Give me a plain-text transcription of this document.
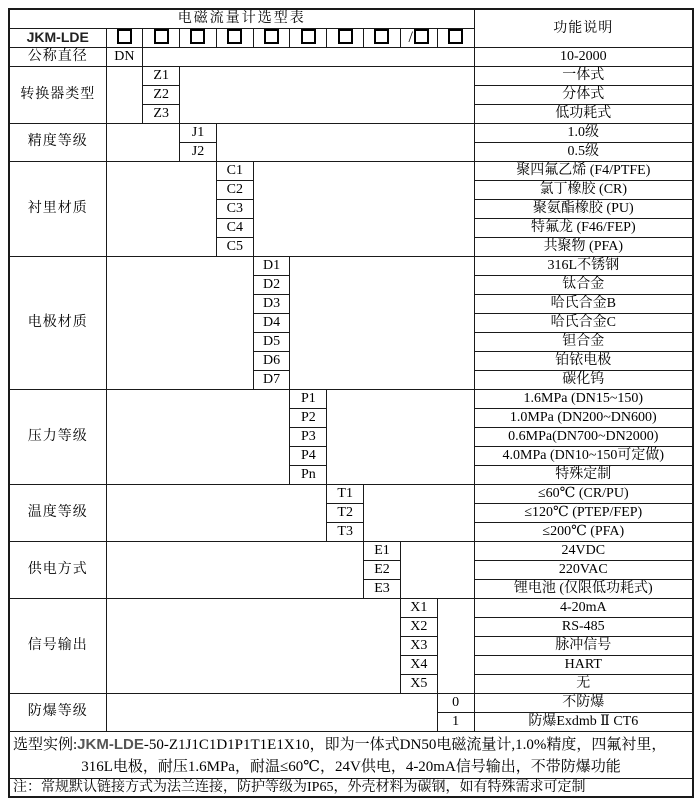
电磁流量计选型表											功能说明
JKM-LDE									/		
公称直径	DN										10-2000
转换器类型		Z1									一体式
		Z2									分体式
		Z3									低功耗式
精度等级			J1								1.0级
			J2								0.5级
衬里材质				C1							聚四氟乙烯 (F4/PTFE)
				C2							氯丁橡胶 (CR)
				C3							聚氨酯橡胶 (PU)
				C4							特氟龙 (F46/FEP)
				C5							共聚物 (PFA)
电极材质					D1						316L不锈钢
					D2						钛合金
					D3						哈氏合金B
					D4						哈氏合金C
					D5						钽合金
					D6						铂铱电极
					D7						碳化钨
压力等级						P1					1.6MPa (DN15~150)
						P2					1.0MPa (DN200~DN600)
						P3					0.6MPa(DN700~DN2000)
						P4					4.0MPa (DN10~150可定做)
						Pn					特殊定制
温度等级							T1				≤60℃ (CR/PU)
							T2				≤120℃ (PTEP/FEP)
							T3				≤200℃ (PFA)
供电方式								E1			24VDC
								E2			220VAC
								E3			锂电池 (仅限低功耗式)
信号输出									X1		4-20mA
									X2		RS-485
									X3		脉冲信号
									X4		HART
									X5		无
防爆等级										0	不防爆
										1	防爆Exdmb Ⅱ CT6

选型实例:JKM-LDE-50-Z1J1C1D1P1T1E1X10，即为一体式DN50电磁流量计,1.0%精度，四氟衬里，
316L电极，耐压1.6MPa，耐温≤60℃，24V供电，4-20mA信号输出，不带防爆功能											

注：常规默认链接方式为法兰连接，防护等级为IP65，外壳材料为碳钢，如有特殊需求可定制											
